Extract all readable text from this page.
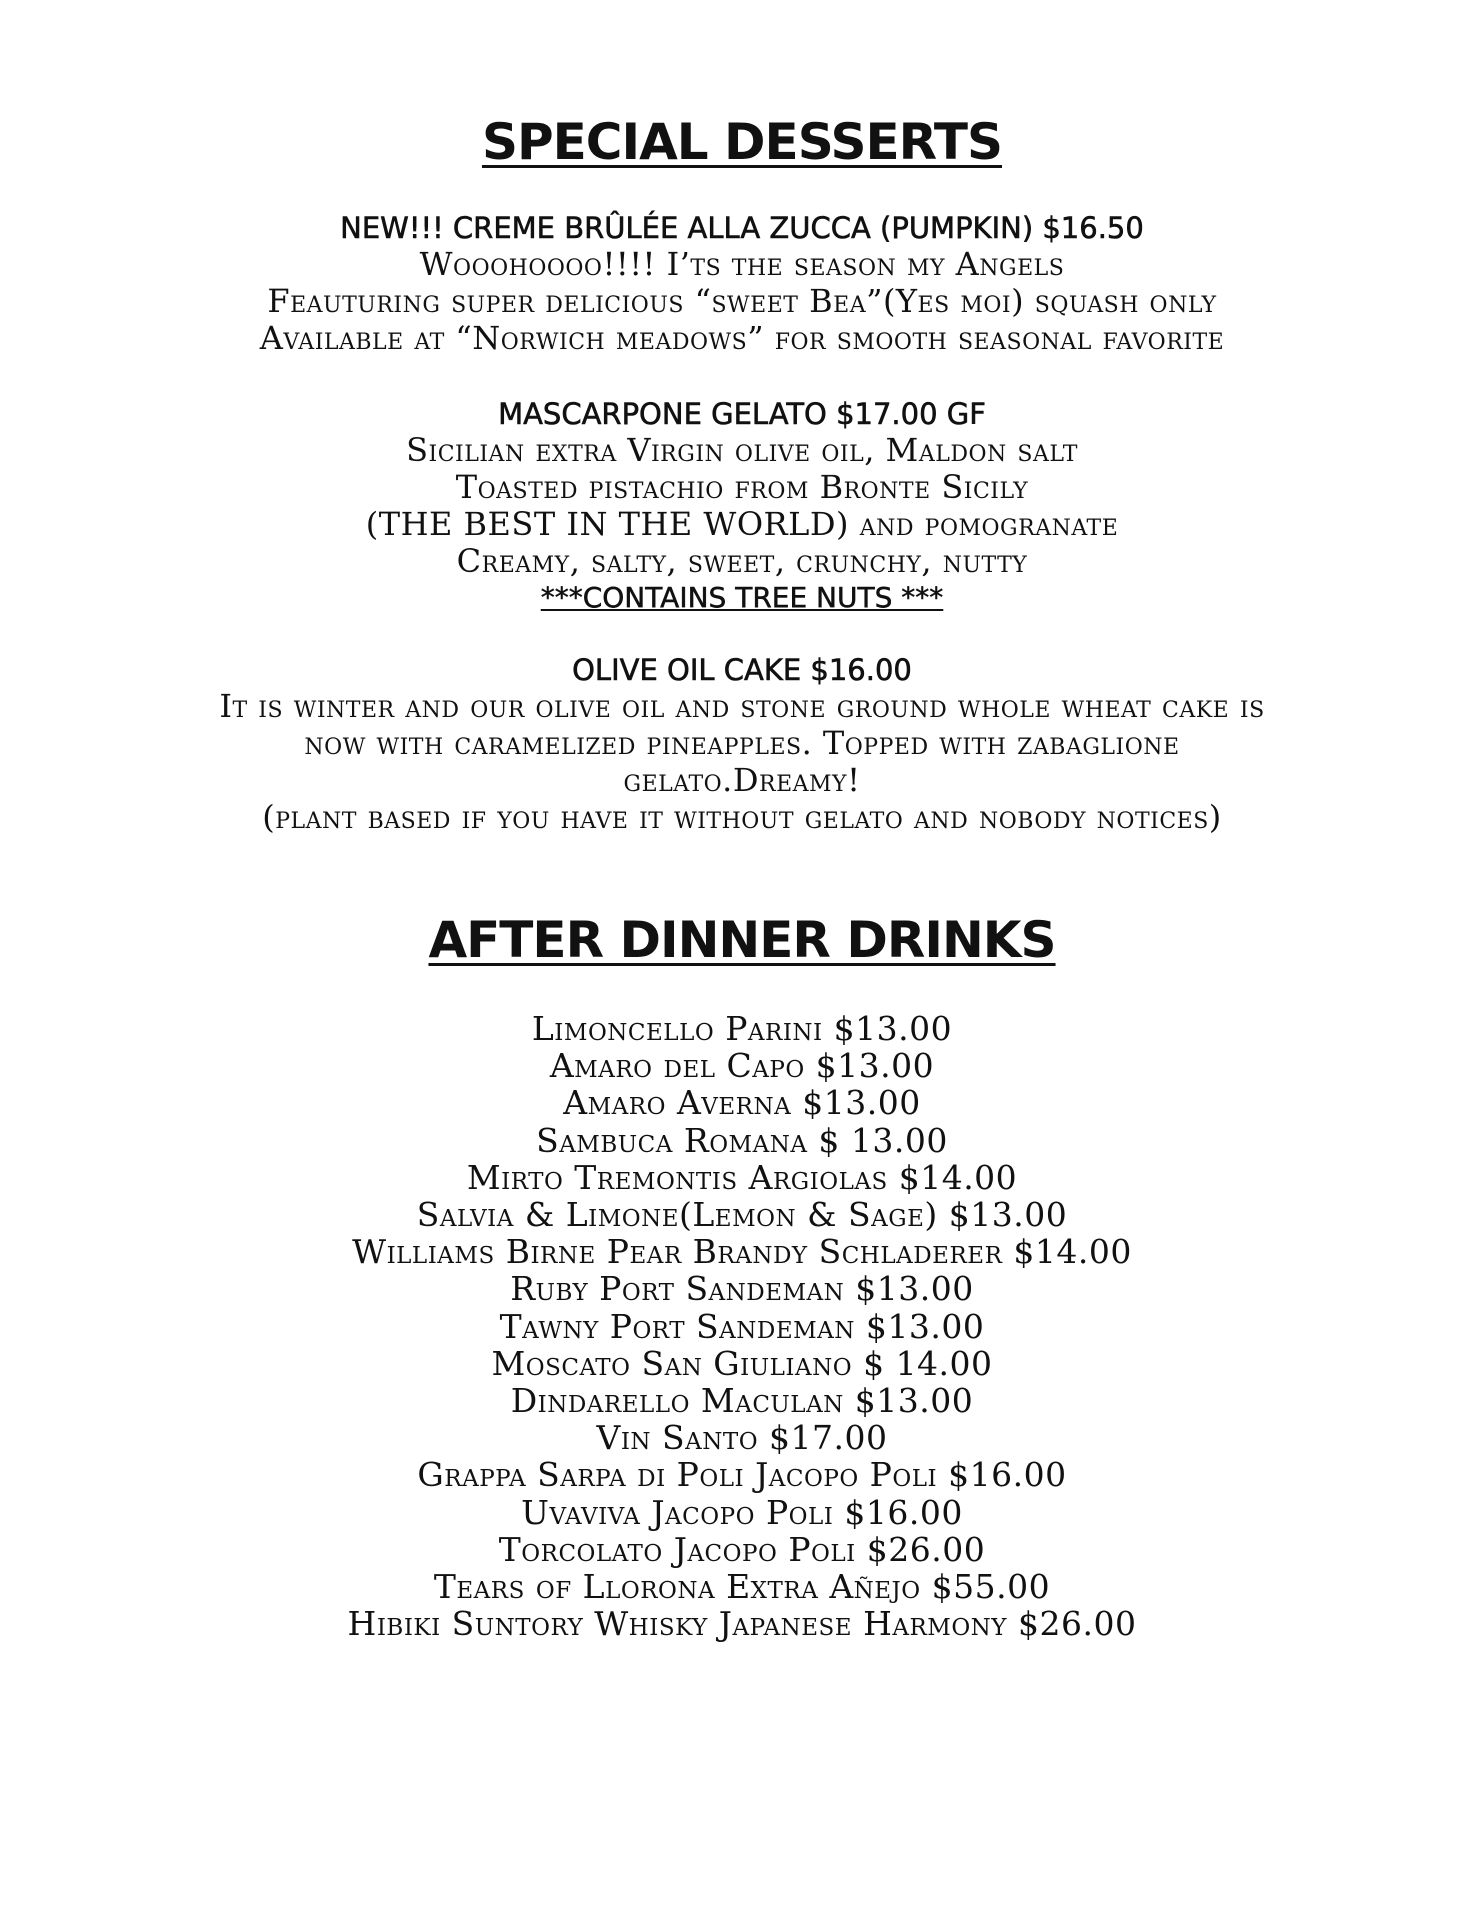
SPECIAL DESSERTS
NEW!!! CREME BRÛLÉE ALLA ZUCCA (PUMPKIN) $16.50
Wooohoooo!!!! I’ts the season my Angels
Feauturing super delicious “sweet Bea”(Yes moi) squash only
Available at “Norwich meadows” for smooth seasonal favorite
MASCARPONE GELATO $17.00 GF
Sicilian extra Virgin olive oil, Maldon salt
Toasted pistachio from Bronte Sicily
(THE BEST IN THE WORLD) and pomogranate
Creamy, salty, sweet, crunchy, nutty
***CONTAINS TREE NUTS ***
OLIVE OIL CAKE $16.00
It is winter and our olive oil and stone ground whole wheat cake is
now with caramelized pineapples. Topped with zabaglione
gelato.Dreamy!
(plant based if you have it without gelato and nobody notices)
AFTER DINNER DRINKS
Limoncello Parini $13.00
Amaro del Capo $13.00
Amaro Averna $13.00
Sambuca Romana $ 13.00
Mirto Tremontis Argiolas $14.00
Salvia & Limone(Lemon & Sage) $13.00
Williams Birne Pear Brandy Schladerer $14.00
Ruby Port Sandeman $13.00
Tawny Port Sandeman $13.00
Moscato San Giuliano $ 14.00
Dindarello Maculan $13.00
Vin Santo $17.00
Grappa Sarpa di Poli Jacopo Poli $16.00
Uvaviva Jacopo Poli $16.00
Torcolato Jacopo Poli $26.00
Tears of Llorona Extra Añejo $55.00
Hibiki Suntory Whisky Japanese Harmony $26.00
